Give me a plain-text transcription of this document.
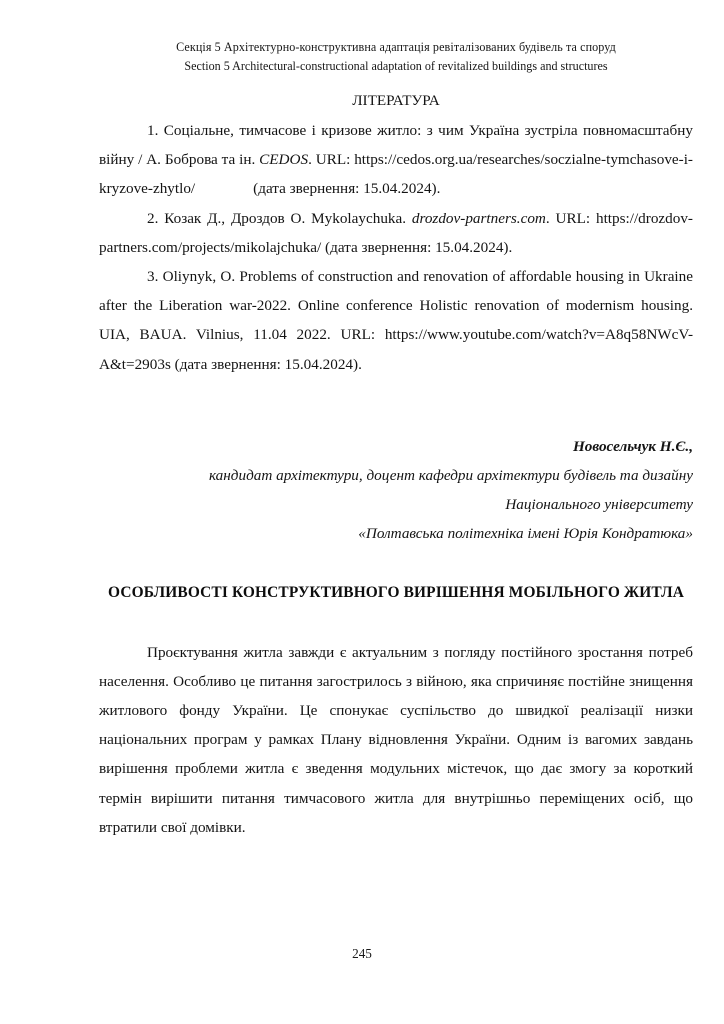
Секція 5 Архітектурно-конструктивна адаптація ревіталізованих будівель та споруд
Section 5 Architectural-constructional adaptation of revitalized buildings and structures
ЛІТЕРАТУРА

1. Соціальне, тимчасове і кризове житло: з чим Україна зустріла повномасштабну війну / А. Боброва та ін. CEDOS. URL: https://cedos.org.ua/researches/soczialne-tymchasove-i-kryzove-zhytlo/	(дата звернення: 15.04.2024).

2. Козак Д., Дроздов О. Mykolaychuka. drozdov-partners.com. URL: https://drozdov-partners.com/projects/mikolajchuka/ (дата звернення: 15.04.2024).

3. Oliynyk, O. Problems of construction and renovation of affordable housing in Ukraine after the Liberation war-2022. Online conference Holistic renovation of modernism housing. UIA, BAUA. Vilnius, 11.04 2022. URL: https://www.youtube.com/watch?v=A8q58NWcV-A&t=2903s (дата звернення: 15.04.2024).

Новосельчук Н.Є.,
кандидат архітектури, доцент кафедри архітектури будівель та дизайну
Національного університету
«Полтавська політехніка імені Юрія Кондратюка»
ОСОБЛИВОСТІ КОНСТРУКТИВНОГО ВИРІШЕННЯ МОБІЛЬНОГО ЖИТЛА

Проєктування житла завжди є актуальним з погляду постійного зростання потреб населення. Особливо це питання загострилось з війною, яка спричиняє постійне знищення житлового фонду України. Це спонукає суспільство до швидкої реалізації низки національних програм у рамках Плану відновлення України. Одним із вагомих завдань вирішення проблеми житла є зведення модульних містечок, що дає змогу за короткий термін вирішити питання тимчасового житла для внутрішньо переміщених осіб, що втратили свої домівки.

245
